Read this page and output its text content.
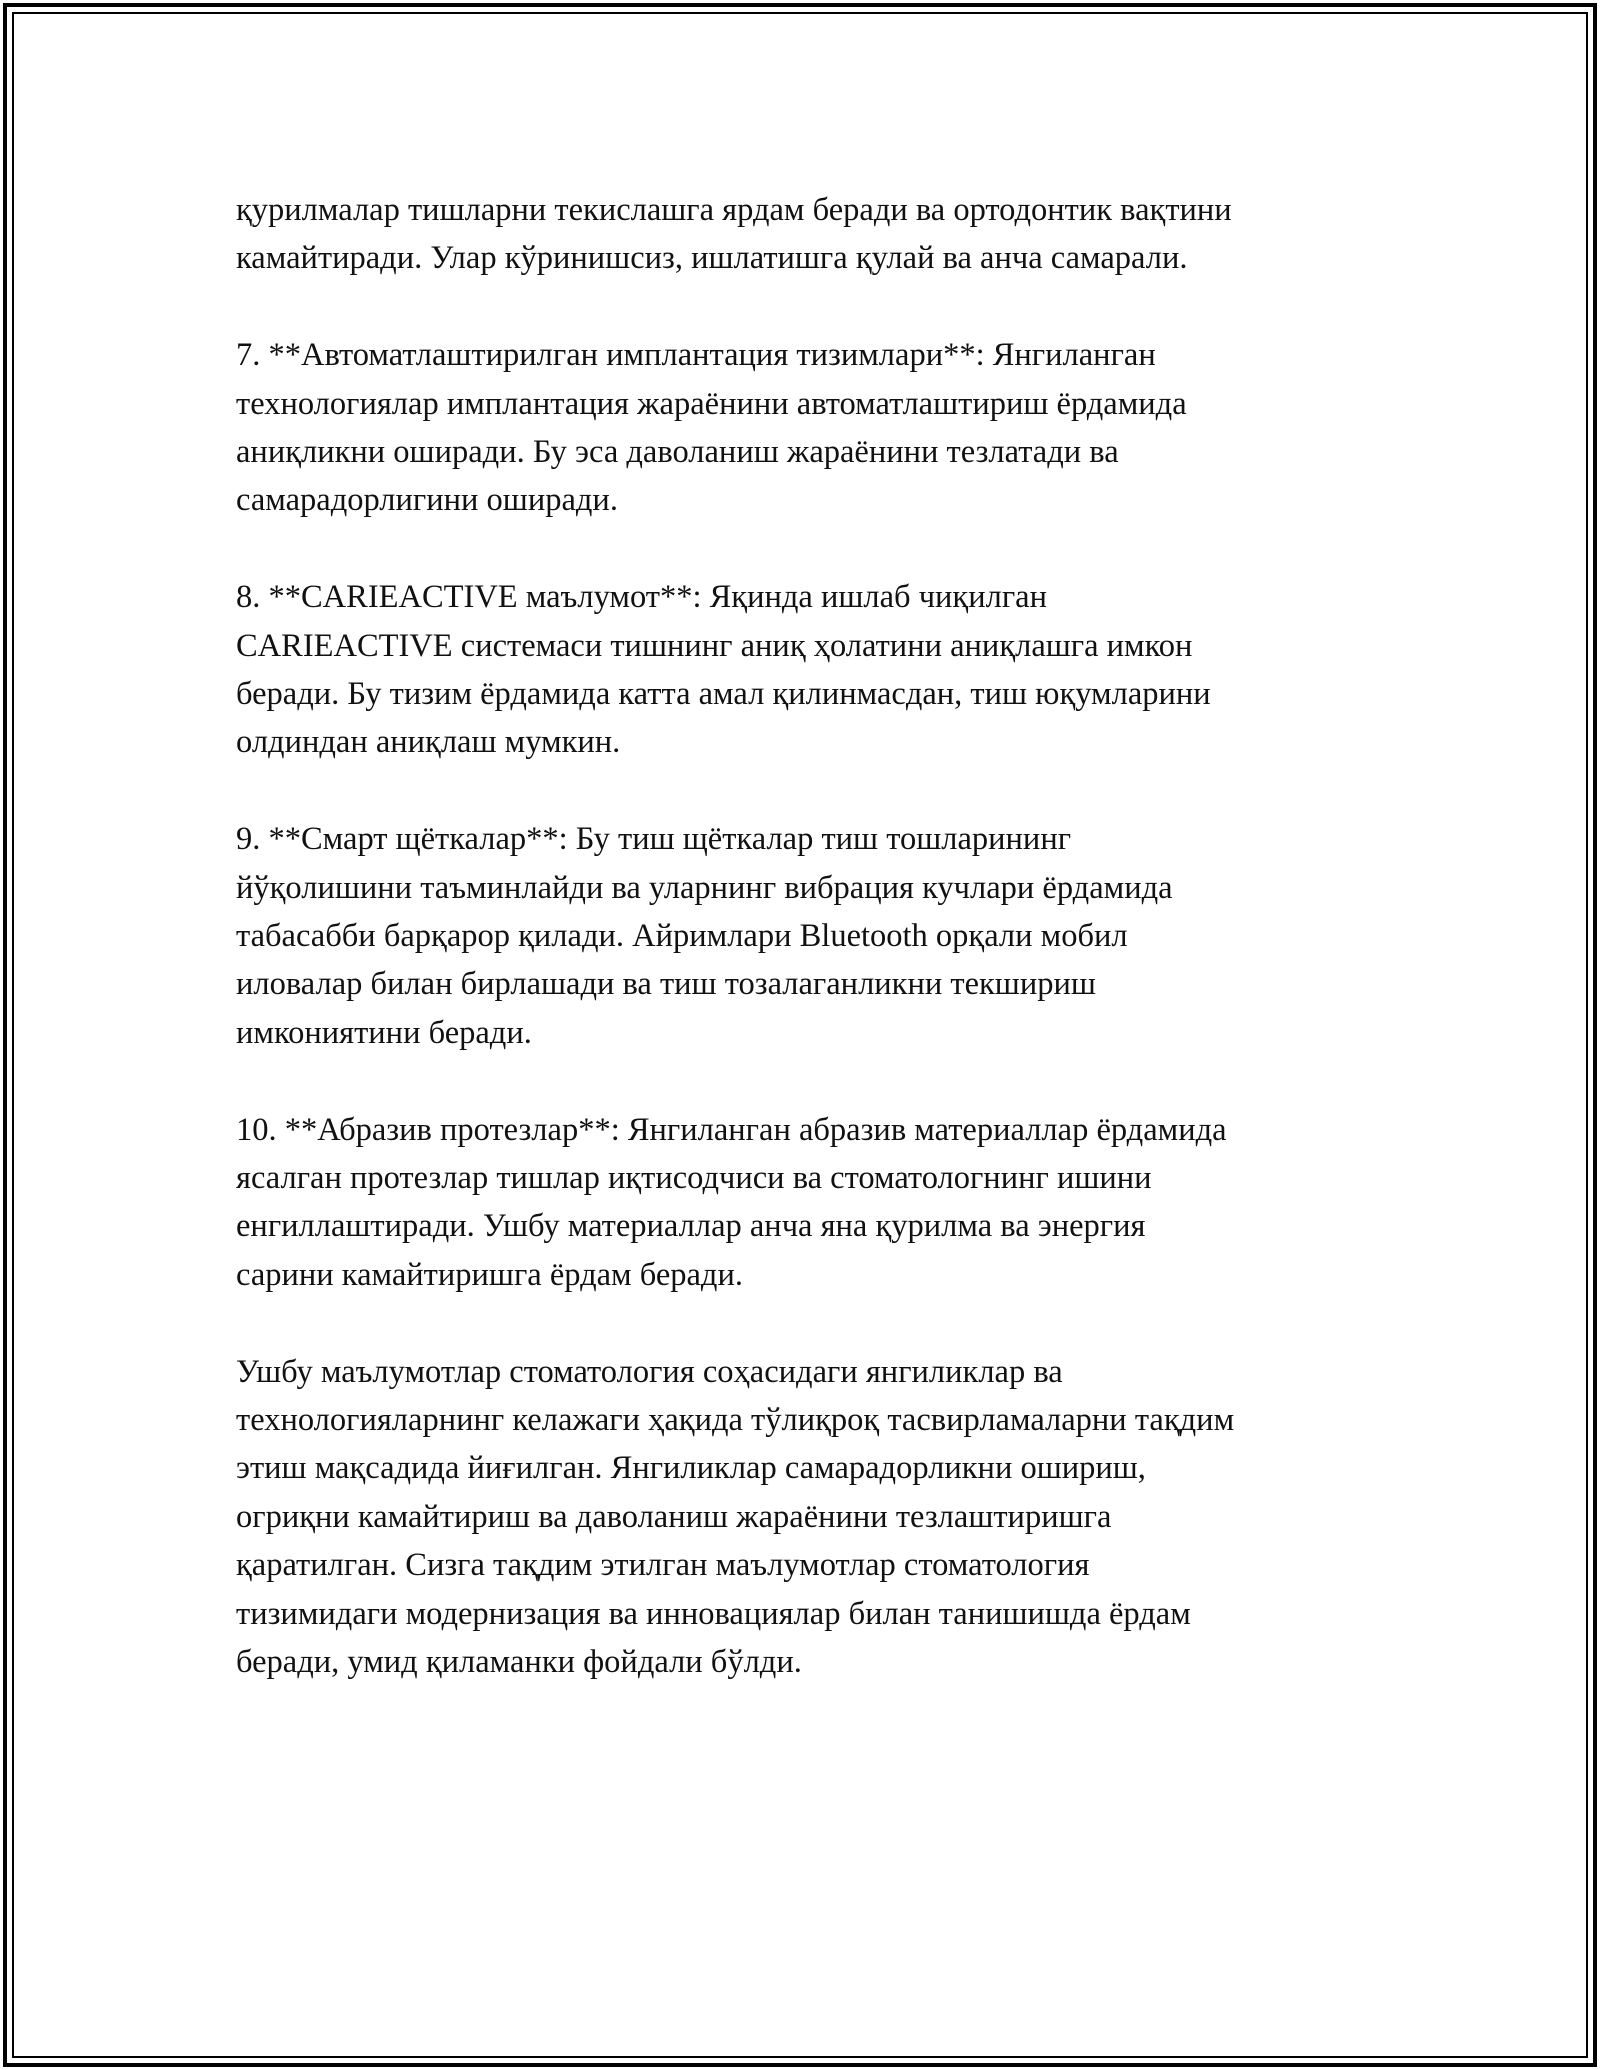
қурилмалар тишларни текислашга ярдам беради ва ортодонтик вақтини
камайтиради. Улар кўринишсиз, ишлатишга қулай ва анча самарали.

7. **Автоматлаштирилган имплантация тизимлари**: Янгиланган
технологиялар имплантация жараёнини автоматлаштириш ёрдамида
аниқликни оширади. Бу эса даволаниш жараёнини тезлатади ва
самарадорлигини оширади.

8. **CARIEACTIVE маълумот**: Яқинда ишлаб чиқилган
CARIEACTIVE системаси тишнинг аниқ ҳолатини аниқлашга имкон
беради. Бу тизим ёрдамида катта амал қилинмасдан, тиш юқумларини
олдиндан аниқлаш мумкин.

9. **Смарт щёткалар**: Бу тиш щёткалар тиш тошларининг
йўқолишини таъминлайди ва уларнинг вибрация кучлари ёрдамида
табасабби барқарор қилади. Айримлари Bluetooth орқали мобил
иловалар билан бирлашади ва тиш тозалаганликни текшириш
имкониятини беради.

10. **Абразив протезлар**: Янгиланган абразив материаллар ёрдамида
ясалган протезлар тишлар иқтисодчиси ва стоматологнинг ишини
енгиллаштиради. Ушбу материаллар анча яна қурилма ва энергия
сарини камайтиришга ёрдам беради.

Ушбу маълумотлар стоматология соҳасидаги янгиликлар ва
технологияларнинг келажаги ҳақида тўлиқроқ тасвирламаларни тақдим
этиш мақсадида йиғилган. Янгиликлар самарадорликни ошириш,
огриқни камайтириш ва даволаниш жараёнини тезлаштиришга
қаратилган. Сизга тақдим этилган маълумотлар стоматология
тизимидаги модернизация ва инновациялар билан танишишда ёрдам
беради, умид қиламанки фойдали бўлди.
